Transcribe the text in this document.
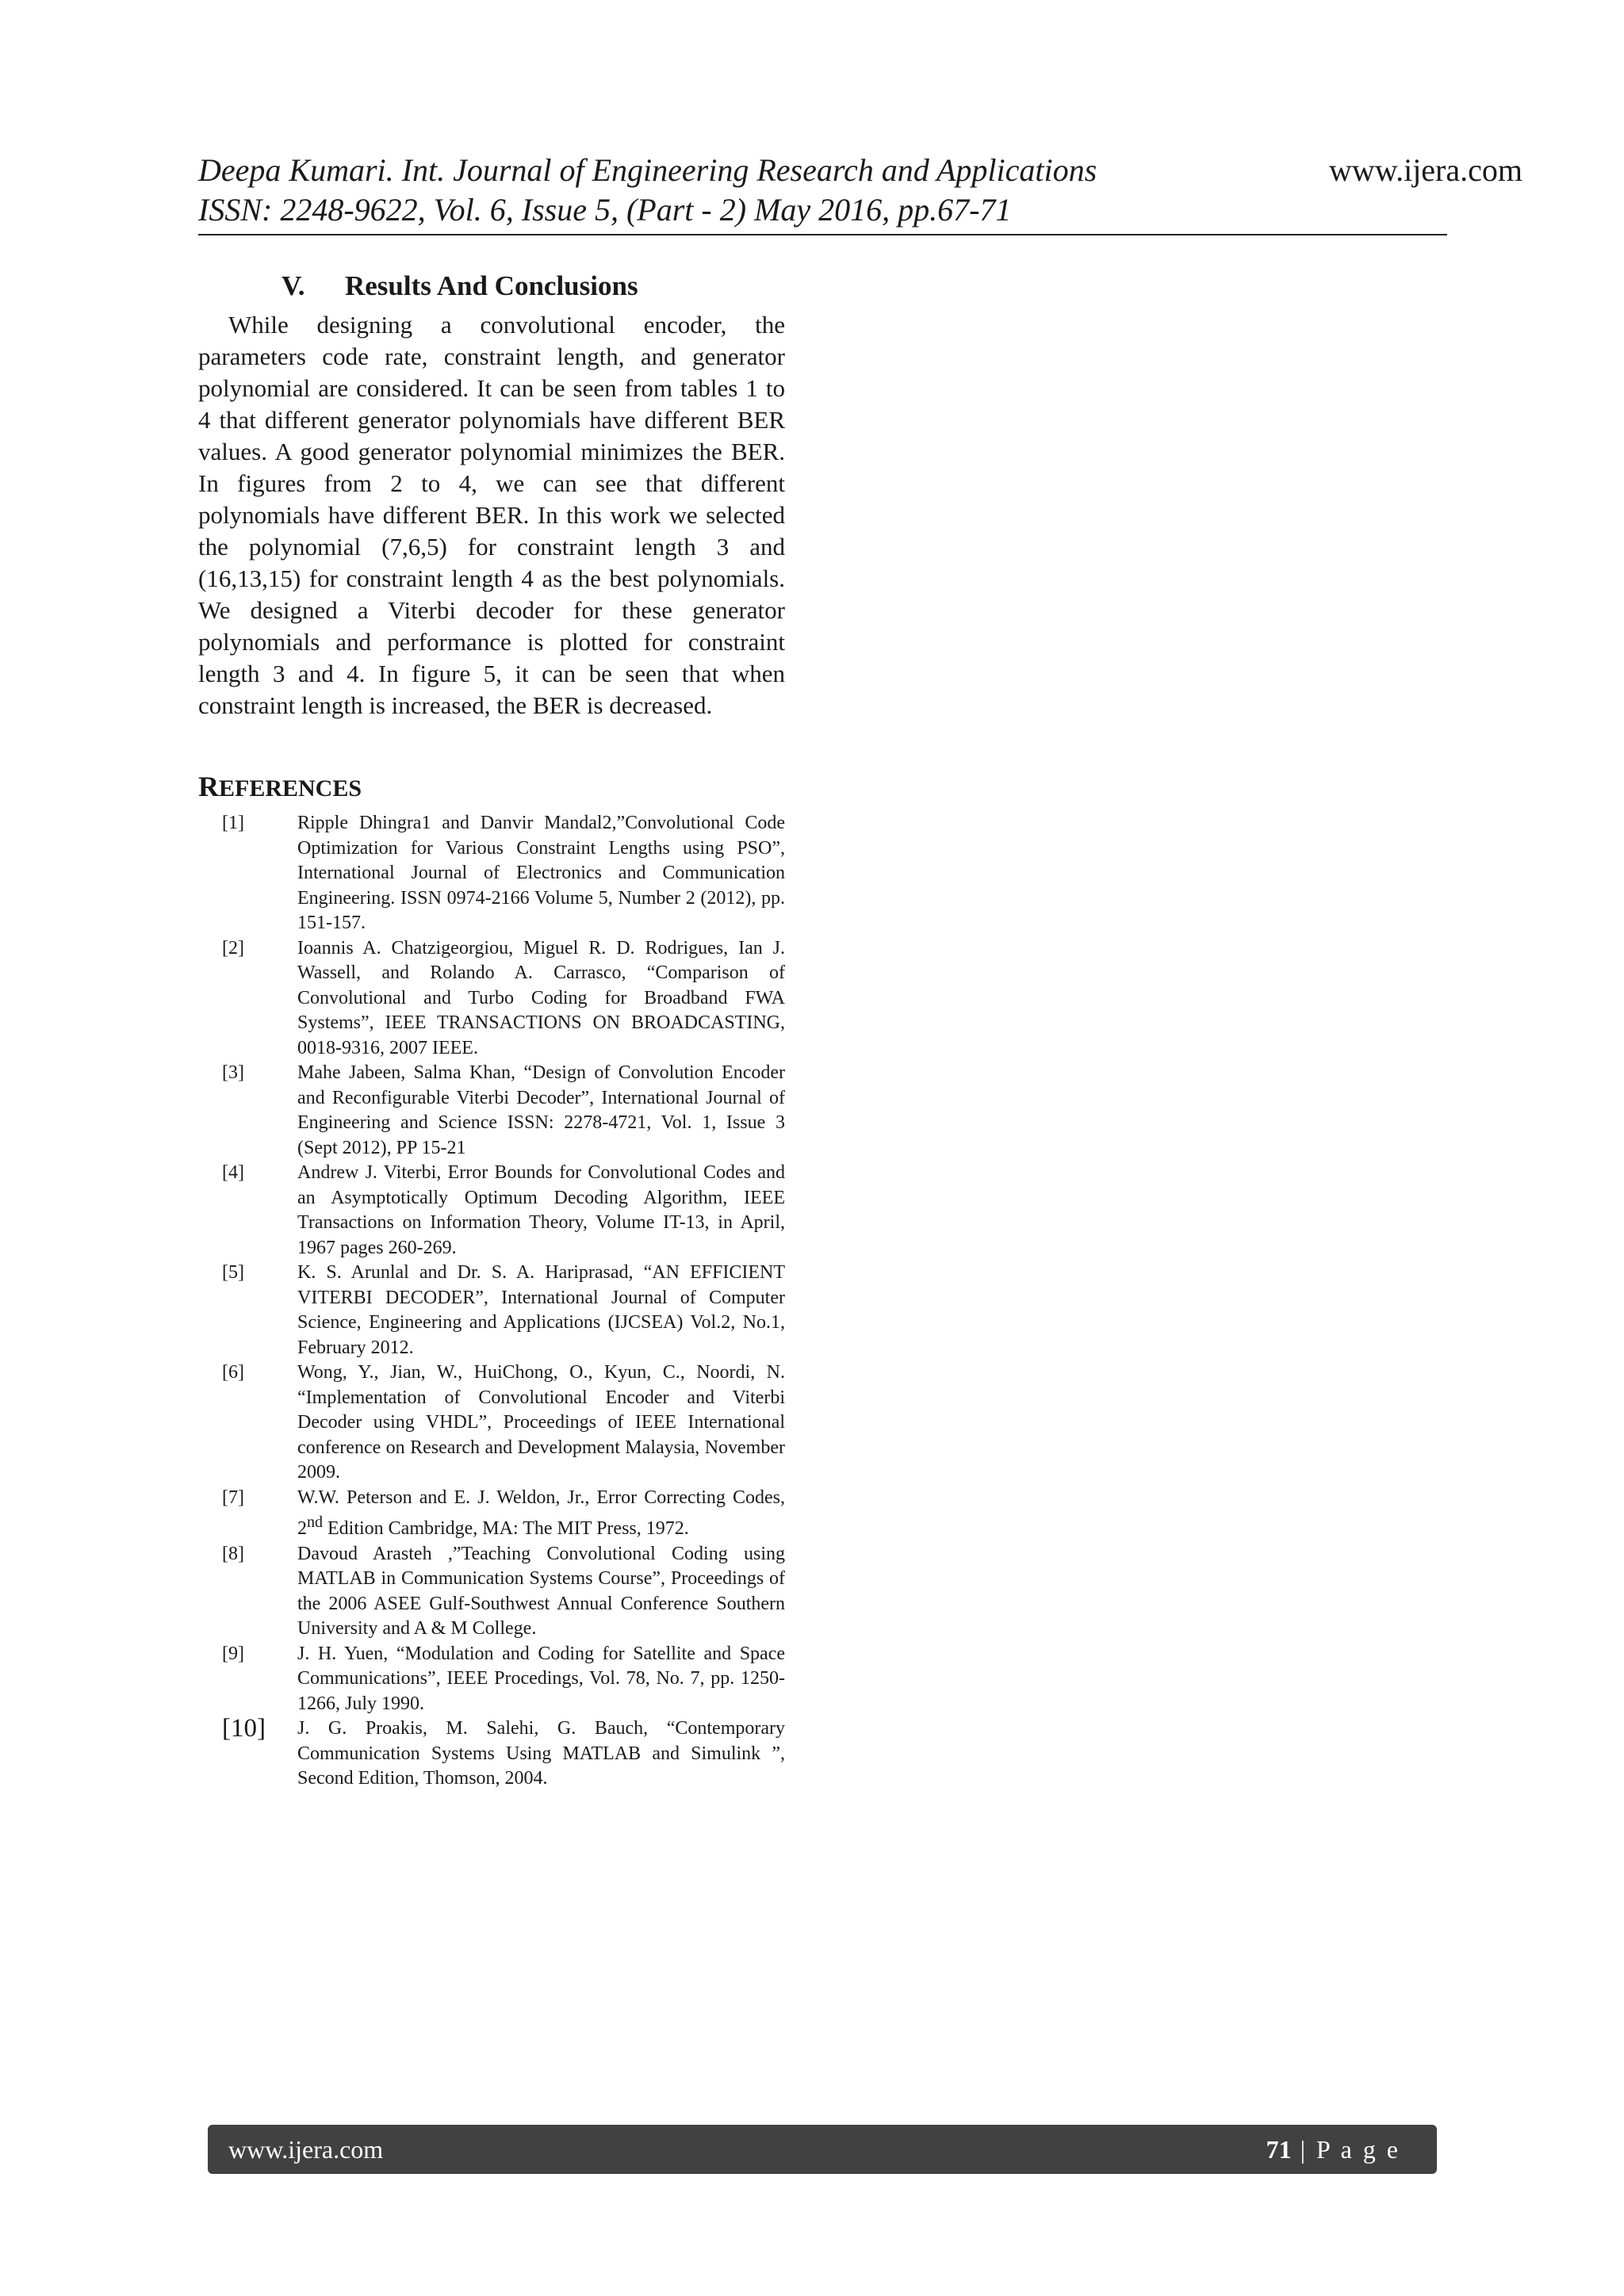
Deepa Kumari. Int. Journal of Engineering Research and Applications	www.ijera.com
ISSN: 2248-9622, Vol. 6, Issue 5, (Part - 2) May 2016, pp.67-71
V. Results And Conclusions

While designing a convolutional encoder, the parameters code rate, constraint length, and generator polynomial are considered. It can be seen from tables 1 to 4 that different generator polynomials have different BER values. A good generator polynomial minimizes the BER. In figures from 2 to 4, we can see that different polynomials have different BER. In this work we selected the polynomial (7,6,5) for constraint length 3 and (16,13,15) for constraint length 4 as the best polynomials. We designed a Viterbi decoder for these generator polynomials and performance is plotted for constraint length 3 and 4. In figure 5, it can be seen that when constraint length is increased, the BER is decreased.

REFERENCES
[1]	Ripple Dhingra1 and Danvir Mandal2,”Convolutional Code Optimization for Various Constraint Lengths using PSO”, International Journal of Electronics and Communication Engineering. ISSN 0974-2166 Volume 5, Number 2 (2012), pp. 151-157.
[2]	Ioannis A. Chatzigeorgiou, Miguel R. D. Rodrigues, Ian J. Wassell, and Rolando A. Carrasco, “Comparison of Convolutional and Turbo Coding for Broadband FWA Systems”, IEEE TRANSACTIONS ON BROADCASTING, 0018-9316, 2007 IEEE.
[3]	Mahe Jabeen, Salma Khan, “Design of Convolution Encoder and Reconfigurable Viterbi Decoder”, International Journal of Engineering and Science ISSN: 2278-4721, Vol. 1, Issue 3 (Sept 2012), PP 15-21
[4]	Andrew J. Viterbi, Error Bounds for Convolutional Codes and an Asymptotically Optimum Decoding Algorithm, IEEE Transactions on Information Theory, Volume IT-13, in April, 1967 pages 260-269.
[5]	K. S. Arunlal and Dr. S. A. Hariprasad, “AN EFFICIENT VITERBI DECODER”, International Journal of Computer Science, Engineering and Applications (IJCSEA) Vol.2, No.1, February 2012.
[6]	Wong, Y., Jian, W., HuiChong, O., Kyun, C., Noordi, N. “Implementation of Convolutional Encoder and Viterbi Decoder using VHDL”, Proceedings of IEEE International conference on Research and Development Malaysia, November 2009.
[7]	W.W. Peterson and E. J. Weldon, Jr., Error Correcting Codes, 2nd Edition Cambridge, MA: The MIT Press, 1972.
[8]	Davoud Arasteh ,”Teaching Convolutional Coding using MATLAB in Communication Systems Course”, Proceedings of the 2006 ASEE Gulf-Southwest Annual Conference Southern University and A & M College.
[9]	J. H. Yuen, “Modulation and Coding for Satellite and Space Communications”, IEEE Procedings, Vol. 78, No. 7, pp. 1250-1266, July 1990.
[10] J. G. Proakis, M. Salehi, G. Bauch, “Contemporary Communication Systems Using MATLAB and Simulink ”, Second Edition, Thomson, 2004.
www.ijera.com	71 | P a g e
